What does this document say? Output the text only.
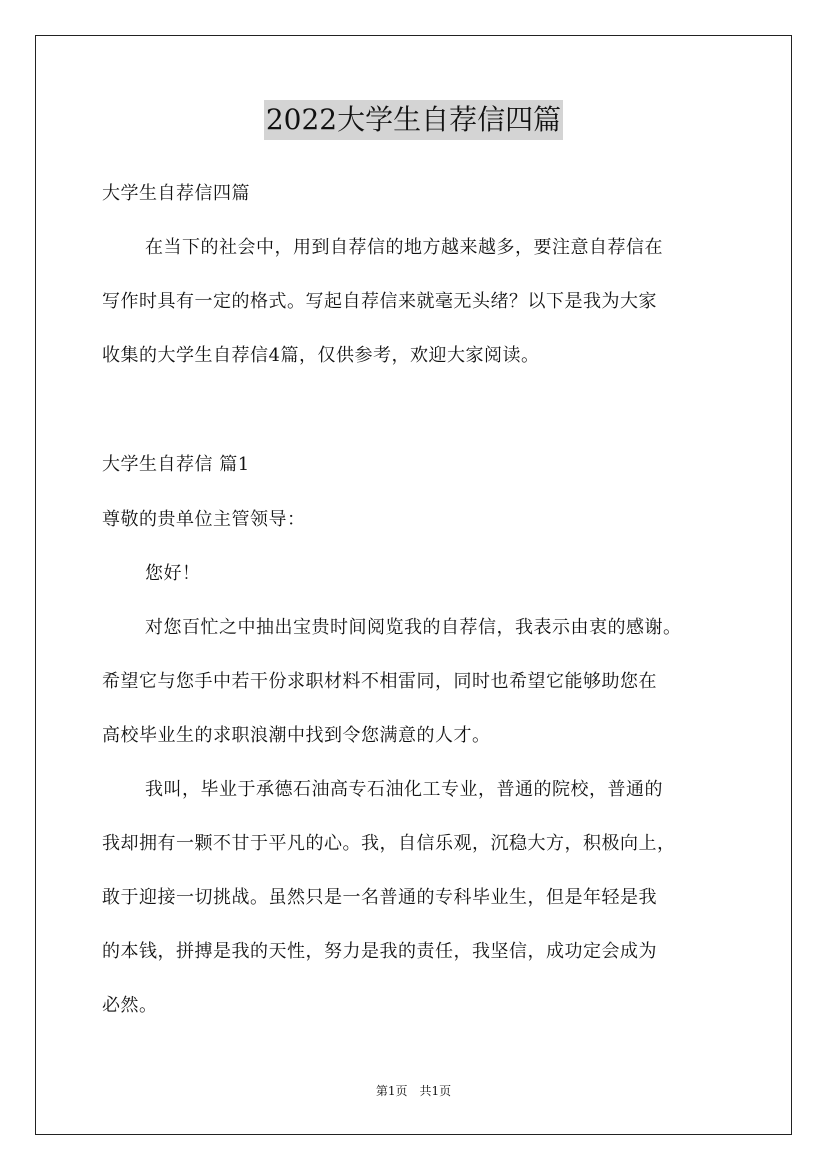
2022大学生自荐信四篇
大学生自荐信四篇
在当下的社会中，用到自荐信的地方越来越多，要注意自荐信在
写作时具有一定的格式。写起自荐信来就毫无头绪？以下是我为大家
收集的大学生自荐信4篇，仅供参考，欢迎大家阅读。
大学生自荐信 篇1
尊敬的贵单位主管领导：
您好！
对您百忙之中抽出宝贵时间阅览我的自荐信，我表示由衷的感谢。
希望它与您手中若干份求职材料不相雷同，同时也希望它能够助您在
高校毕业生的求职浪潮中找到令您满意的人才。
我叫，毕业于承德石油高专石油化工专业，普通的院校，普通的
我却拥有一颗不甘于平凡的心。我，自信乐观，沉稳大方，积极向上，
敢于迎接一切挑战。虽然只是一名普通的专科毕业生，但是年轻是我
的本钱，拼搏是我的天性，努力是我的责任，我坚信，成功定会成为
必然。
第1页　共1页
